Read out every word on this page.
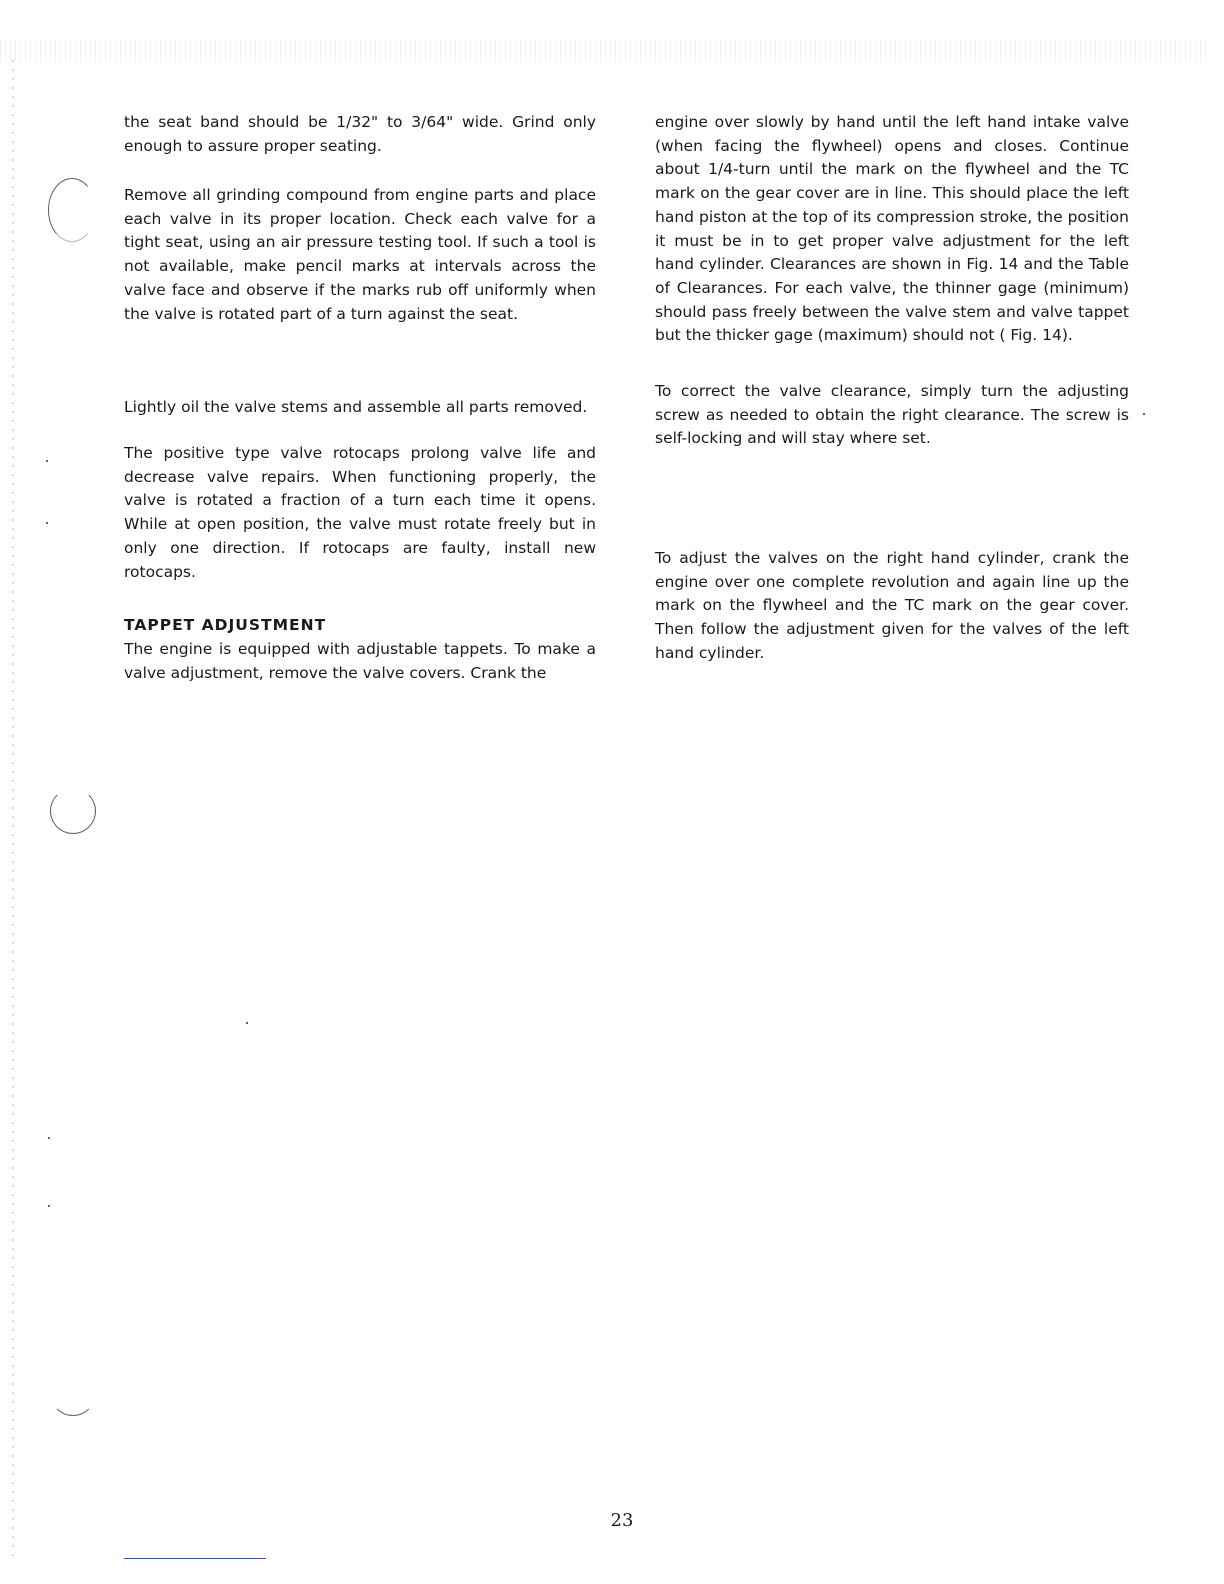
the seat band should be 1/32" to 3/64" wide. Grind only enough to assure proper seating.
Remove all grinding compound from engine parts and place each valve in its proper location. Check each valve for a tight seat, using an air pressure testing tool. If such a tool is not available, make pencil marks at intervals across the valve face and observe if the marks rub off uniformly when the valve is rotated part of a turn against the seat.
Lightly oil the valve stems and assemble all parts removed.
The positive type valve rotocaps prolong valve life and decrease valve repairs. When functioning properly, the valve is rotated a fraction of a turn each time it opens. While at open position, the valve must rotate freely but in only one direction. If rotocaps are faulty, install new rotocaps.
TAPPET ADJUSTMENT
The engine is equipped with adjustable tappets. To make a valve adjustment, remove the valve covers. Crank the
engine over slowly by hand until the left hand intake valve (when facing the flywheel) opens and closes. Continue about 1/4-turn until the mark on the flywheel and the TC mark on the gear cover are in line. This should place the left hand piston at the top of its compression stroke, the position it must be in to get proper valve adjustment for the left hand cylinder. Clearances are shown in Fig. 14 and the Table of Clearances. For each valve, the thinner gage (minimum) should pass freely between the valve stem and valve tappet but the thicker gage (maximum) should not ( Fig. 14).
To correct the valve clearance, simply turn the adjusting screw as needed to obtain the right clearance. The screw is self-locking and will stay where set.
To adjust the valves on the right hand cylinder, crank the engine over one complete revolution and again line up the mark on the flywheel and the TC mark on the gear cover. Then follow the adjustment given for the valves of the left hand cylinder.
23
